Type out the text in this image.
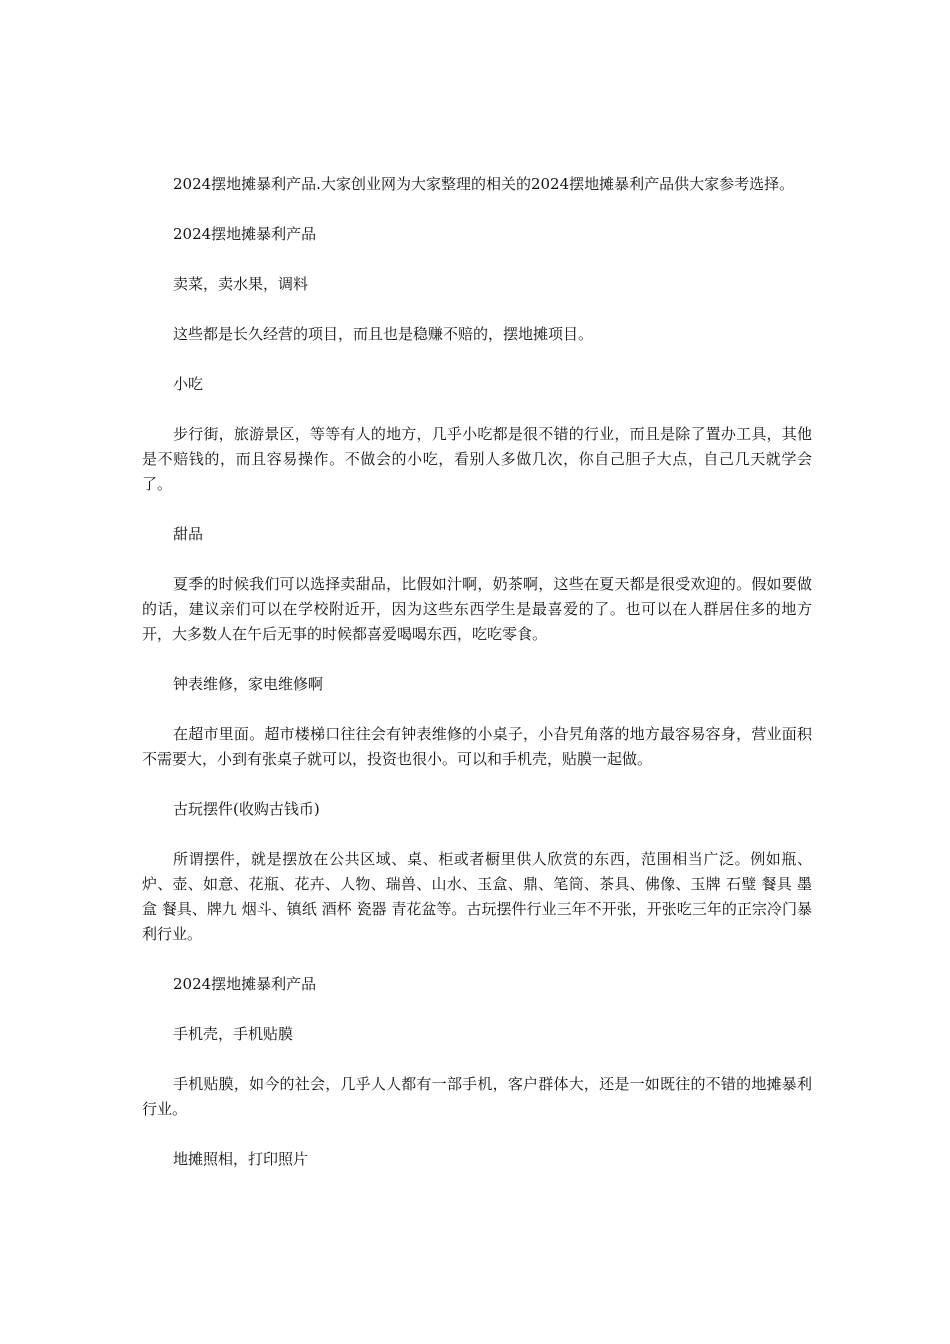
2024摆地摊暴利产品.大家创业网为大家整理的相关的2024摆地摊暴利产品供大家参考选择。

2024摆地摊暴利产品

卖菜，卖水果，调料

这些都是长久经营的项目，而且也是稳赚不赔的，摆地摊项目。

小吃

步行街，旅游景区，等等有人的地方，几乎小吃都是很不错的行业，而且是除了置办工具，其他是不赔钱的，而且容易操作。不做会的小吃，看别人多做几次，你自己胆子大点，自己几天就学会了。

甜品

夏季的时候我们可以选择卖甜品，比假如汁啊，奶茶啊，这些在夏天都是很受欢迎的。假如要做的话，建议亲们可以在学校附近开，因为这些东西学生是最喜爱的了。也可以在人群居住多的地方开，大多数人在午后无事的时候都喜爱喝喝东西，吃吃零食。

钟表维修，家电维修啊

在超市里面。超市楼梯口往往会有钟表维修的小桌子，小旮旯角落的地方最容易容身，营业面积不需要大，小到有张桌子就可以，投资也很小。可以和手机壳，贴膜一起做。

古玩摆件(收购古钱币)

所谓摆件，就是摆放在公共区域、桌、柜或者橱里供人欣赏的东西，范围相当广泛。例如瓶、炉、壶、如意、花瓶、花卉、人物、瑞兽、山水、玉盒、鼎、笔筒、茶具、佛像、玉牌 石璧 餐具 墨盒 餐具、牌九 烟斗、镇纸 酒杯 瓷器 青花盆等。古玩摆件行业三年不开张，开张吃三年的正宗冷门暴利行业。

2024摆地摊暴利产品

手机壳，手机贴膜

手机贴膜，如今的社会，几乎人人都有一部手机，客户群体大，还是一如既往的不错的地摊暴利行业。

地摊照相，打印照片
